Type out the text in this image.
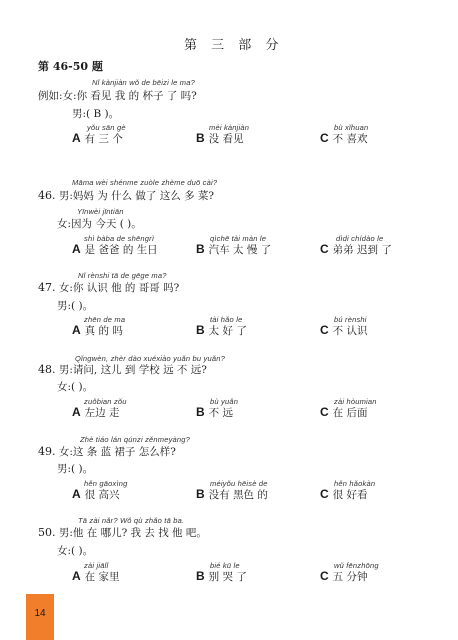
第 三 部 分
第 46-50 题
Nǐ kànjiàn wǒ de bēizi le ma?
例如:女:你 看见 我 的 杯子 了 吗?
男:( B )。
yǒu sān gè
A 有 三 个
méi kànjiàn
B 没 看见
bù xǐhuan
C 不 喜欢
Māma wèi shénme zuòle zhème duō cài?
46. 男:妈妈 为 什么 做了 这么 多 菜?
Yīnwèi jīntiān
女:因为 今天 ( )。
shì bàba de shēngrì
A 是 爸爸 的 生日
qìchē tài màn le
B 汽车 太 慢 了
dìdi chídào le
C 弟弟 迟到 了
Nǐ rènshi tā de gēge ma?
47. 女:你 认识 他 的 哥哥 吗?
男:( )。
zhēn de ma
A 真 的 吗
tài hǎo le
B 太 好 了
bú rènshi
C 不 认识
Qǐngwèn, zhèr dào xuéxiào yuǎn bu yuǎn?
48. 男:请问, 这儿 到 学校 远 不 远?
女:( )。
zuǒbian zǒu
A 左边 走
bù yuǎn
B 不 远
zài hòumian
C 在 后面
Zhè tiáo lán qúnzi zěnmeyàng?
49. 女:这 条 蓝 裙子 怎么样?
男:( )。
hěn gāoxìng
A 很 高兴
méiyǒu hēisè de
B 没有 黑色 的
hěn hǎokàn
C 很 好看
Tā zài nǎr? Wǒ qù zhǎo tā ba.
50. 男:他 在 哪儿? 我 去 找 他 吧。
女:( )。
zài jiālǐ
A 在 家里
bié kū le
B 别 哭 了
wǔ fēnzhōng
C 五 分钟
14
